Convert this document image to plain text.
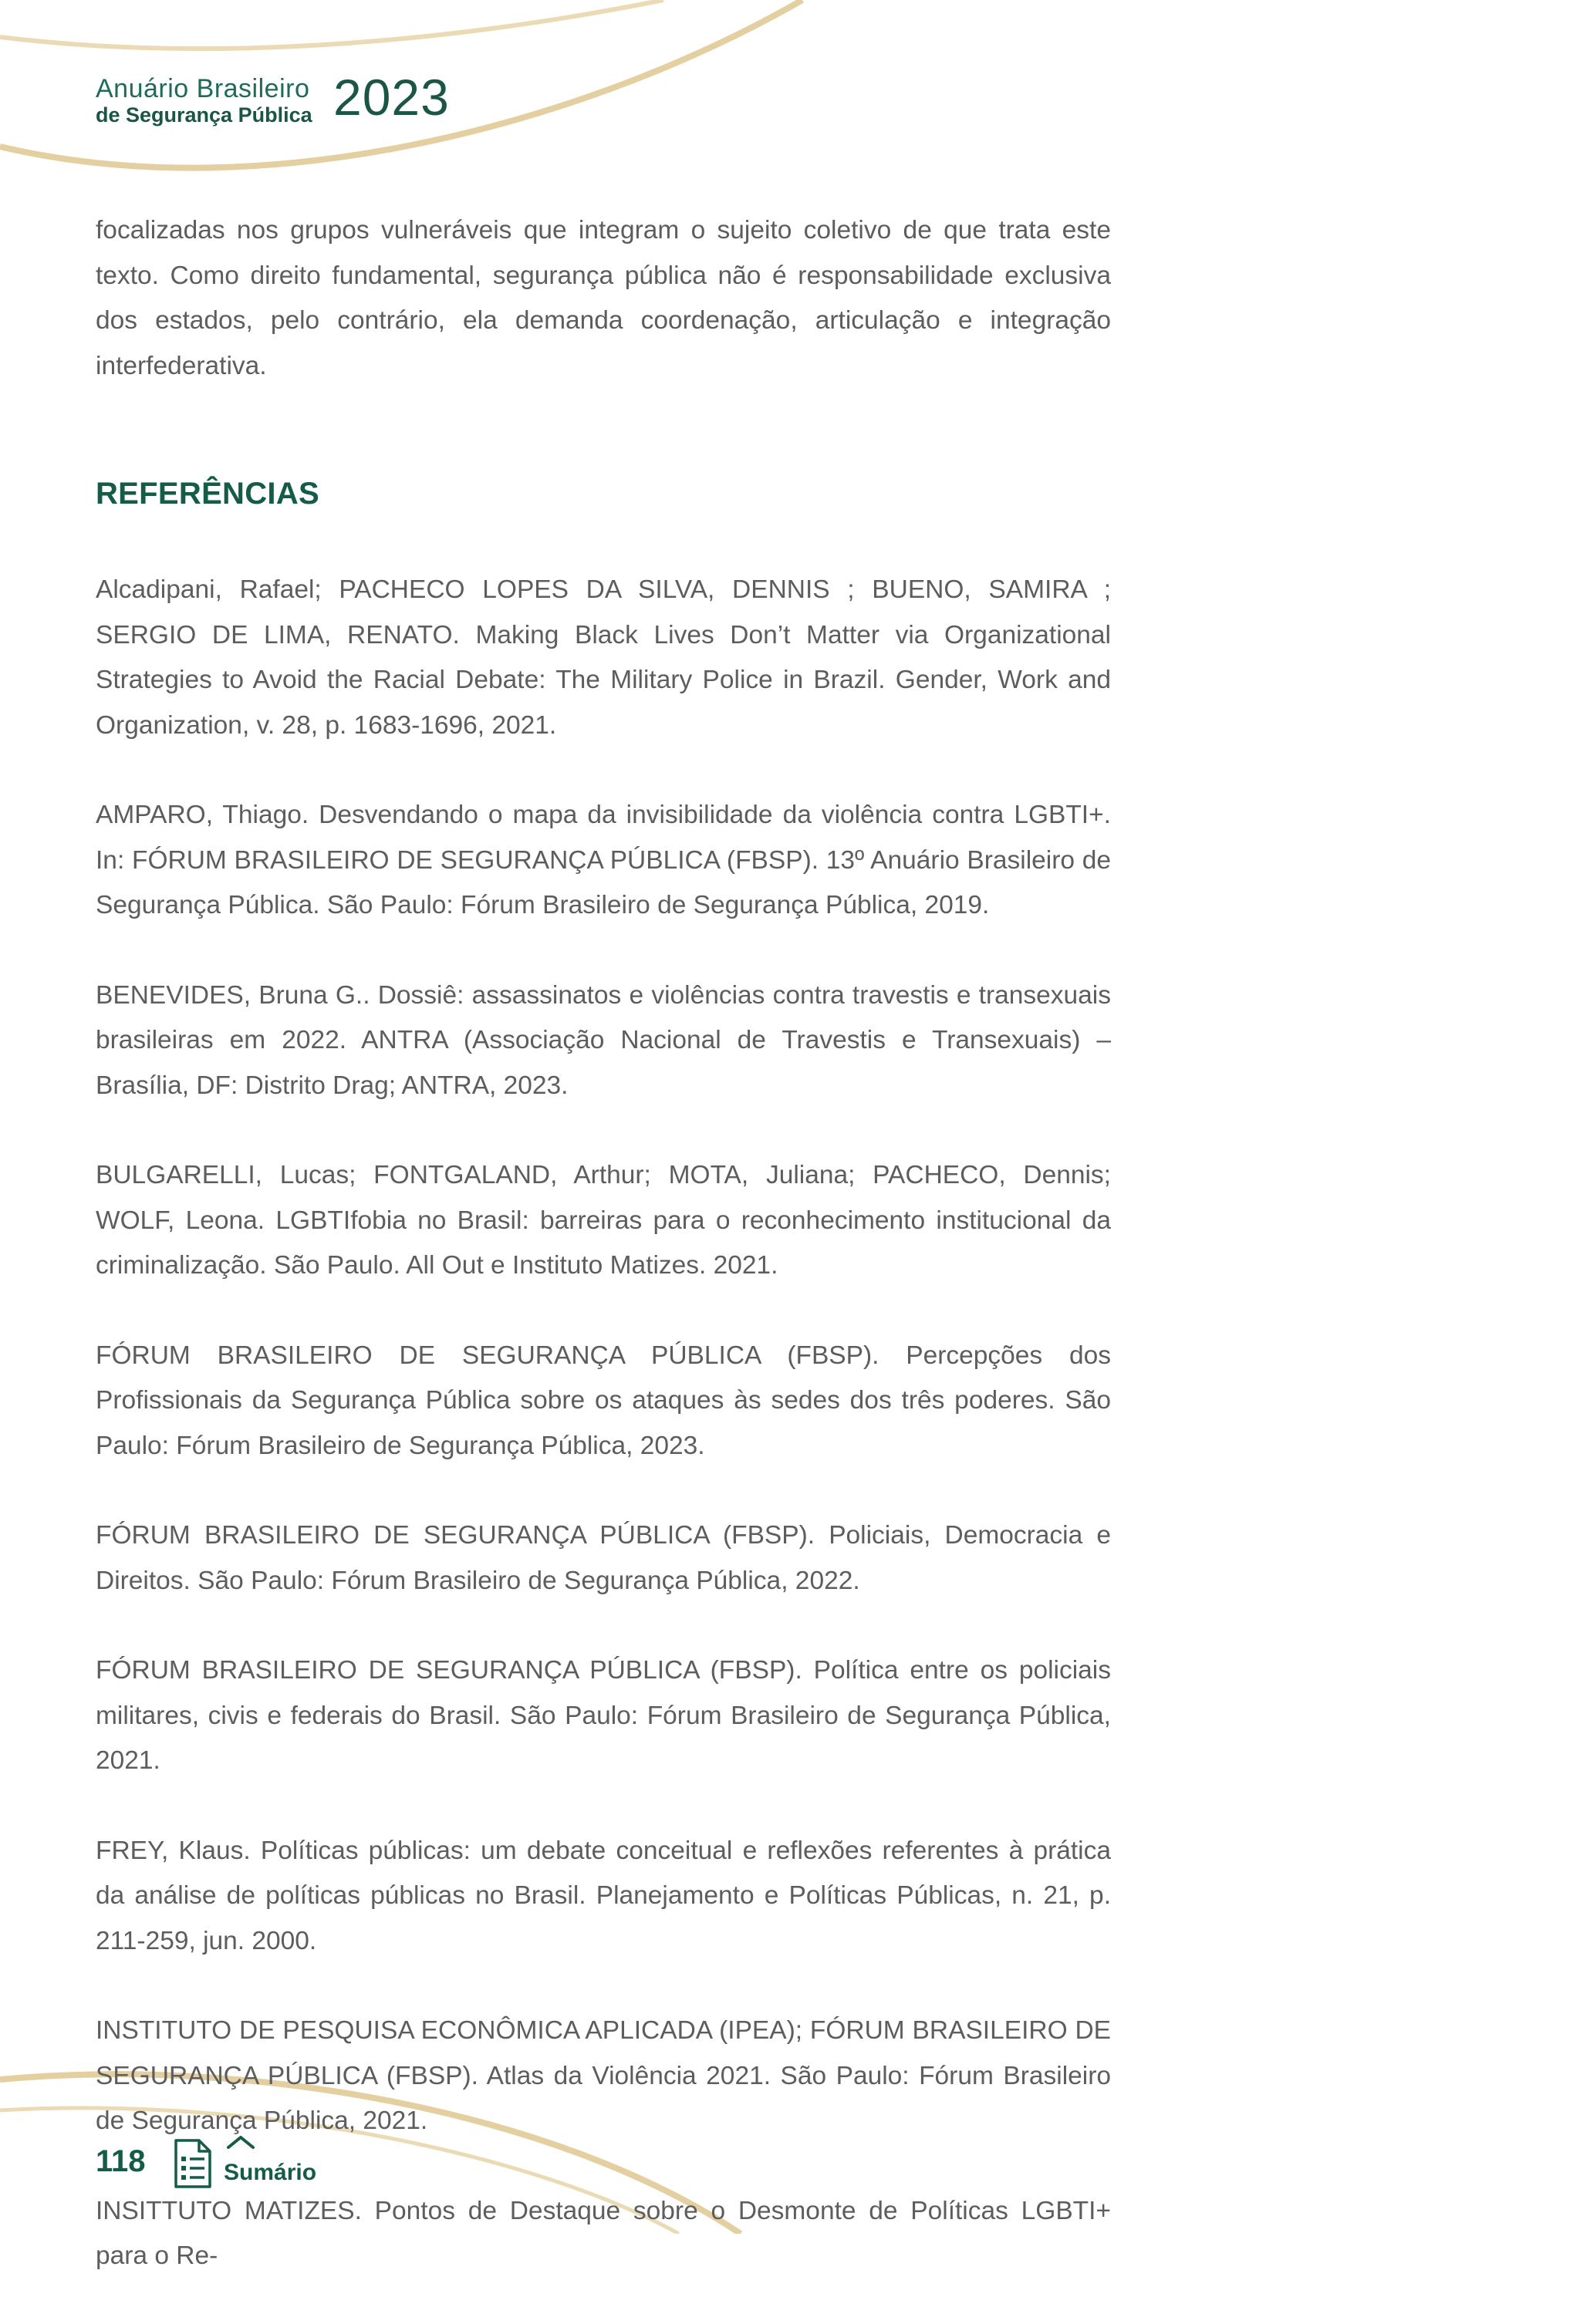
Anuário Brasileiro
de Segurança Pública 2023

focalizadas nos grupos vulneráveis que integram o sujeito coletivo de que trata este texto. Como direito fundamental, segurança pública não é responsabilidade exclusiva dos estados, pelo contrário, ela demanda coordenação, articulação e integração interfederativa.

REFERÊNCIAS

Alcadipani, Rafael; PACHECO LOPES DA SILVA, DENNIS ; BUENO, SAMIRA ; SERGIO DE LIMA, RENATO. Making Black Lives Don’t Matter via Organizational Strategies to Avoid the Racial Debate: The Military Police in Brazil. Gender, Work and Organization, v. 28, p. 1683-1696, 2021.

AMPARO, Thiago. Desvendando o mapa da invisibilidade da violência contra LGBTI+. In: FÓRUM BRASILEIRO DE SEGURANÇA PÚBLICA (FBSP). 13º Anuário Brasileiro de Segurança Pública. São Paulo: Fórum Brasileiro de Segurança Pública, 2019.

BENEVIDES, Bruna G.. Dossiê: assassinatos e violências contra travestis e transexuais brasileiras em 2022. ANTRA (Associação Nacional de Travestis e Transexuais) – Brasília, DF: Distrito Drag; ANTRA, 2023.

BULGARELLI, Lucas; FONTGALAND, Arthur; MOTA, Juliana; PACHECO, Dennis; WOLF, Leona. LGBTIfobia no Brasil: barreiras para o reconhecimento institucional da criminalização. São Paulo. All Out e Instituto Matizes. 2021.

FÓRUM BRASILEIRO DE SEGURANÇA PÚBLICA (FBSP). Percepções dos Profissionais da Segurança Pública sobre os ataques às sedes dos três poderes. São Paulo: Fórum Brasileiro de Segurança Pública, 2023.

FÓRUM BRASILEIRO DE SEGURANÇA PÚBLICA (FBSP). Policiais, Democracia e Direitos. São Paulo: Fórum Brasileiro de Segurança Pública, 2022.

FÓRUM BRASILEIRO DE SEGURANÇA PÚBLICA (FBSP). Política entre os policiais militares, civis e federais do Brasil. São Paulo: Fórum Brasileiro de Segurança Pública, 2021.

FREY, Klaus. Políticas públicas: um debate conceitual e reflexões referentes à prática da análise de políticas públicas no Brasil. Planejamento e Políticas Públicas, n. 21, p. 211-259, jun. 2000.

INSTITUTO DE PESQUISA ECONÔMICA APLICADA (IPEA); FÓRUM BRASILEIRO DE SEGURANÇA PÚBLICA (FBSP). Atlas da Violência 2021. São Paulo: Fórum Brasileiro de Segurança Pública, 2021.

INSITTUTO MATIZES. Pontos de Destaque sobre o Desmonte de Políticas LGBTI+ para o Re-

118	Sumário
